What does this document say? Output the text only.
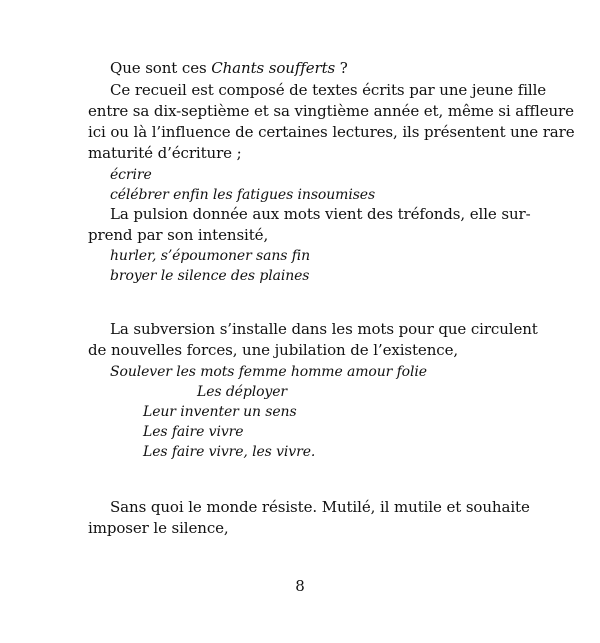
Que sont ces Chants soufferts ?
Ce recueil est composé de textes écrits par une jeune fille
entre sa dix-septième et sa vingtième année et, même si affleure
ici ou là l’influence de certaines lectures, ils présentent une rare
maturité d’écriture ;
écrire
célébrer enfin les fatigues insoumises
La pulsion donnée aux mots vient des tréfonds, elle sur-
prend par son intensité,
hurler, s’époumoner sans fin
broyer le silence des plaines
La subversion s’installe dans les mots pour que circulent
de nouvelles forces, une jubilation de l’existence,
Soulever les mots femme homme amour folie
Les déployer
Leur inventer un sens
Les faire vivre
Les faire vivre, les vivre.
Sans quoi le monde résiste. Mutilé, il mutile et souhaite
imposer le silence,
8
